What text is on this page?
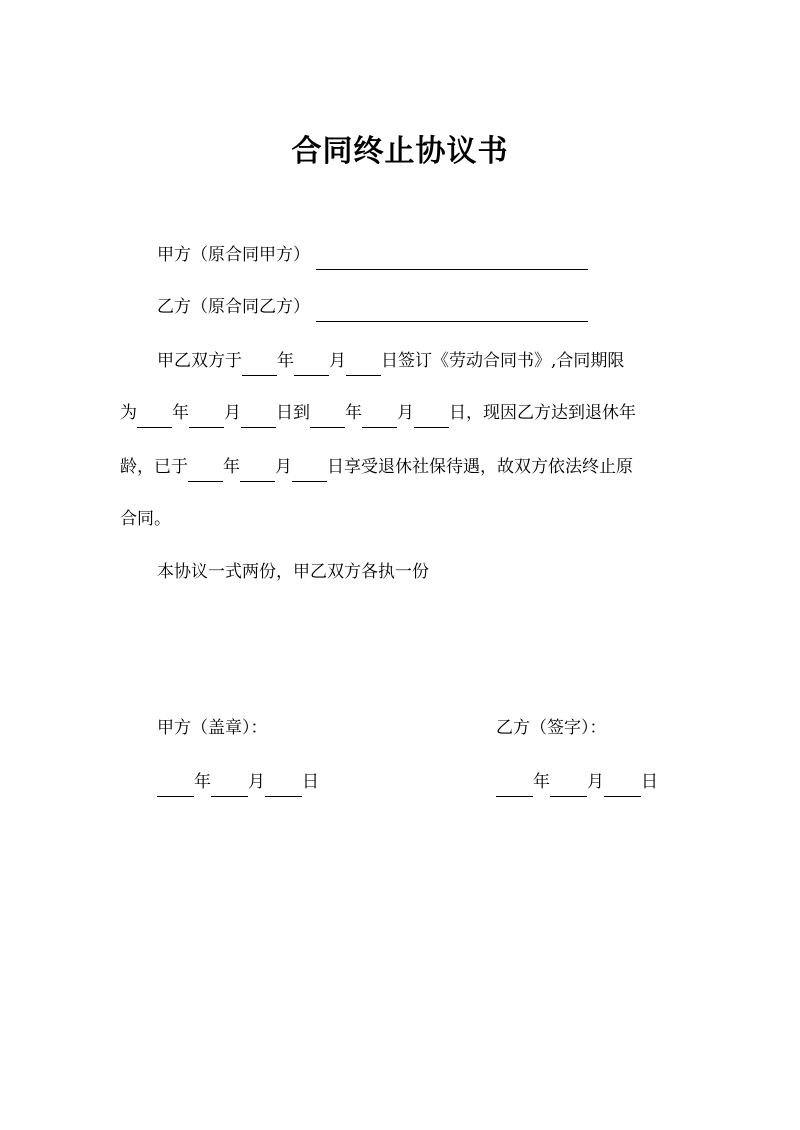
合同终止协议书
甲方（原合同甲方）
乙方（原合同乙方）
甲乙双方于 年 月 日签订《劳动合同书》,合同期限
为 年 月 日到 年 月 日，现因乙方达到退休年
龄，已于 年 月 日享受退休社保待遇，故双方依法终止原
合同。
本协议一式两份，甲乙双方各执一份
甲方（盖章）：
年 月 日
乙方（签字）：
年 月 日
